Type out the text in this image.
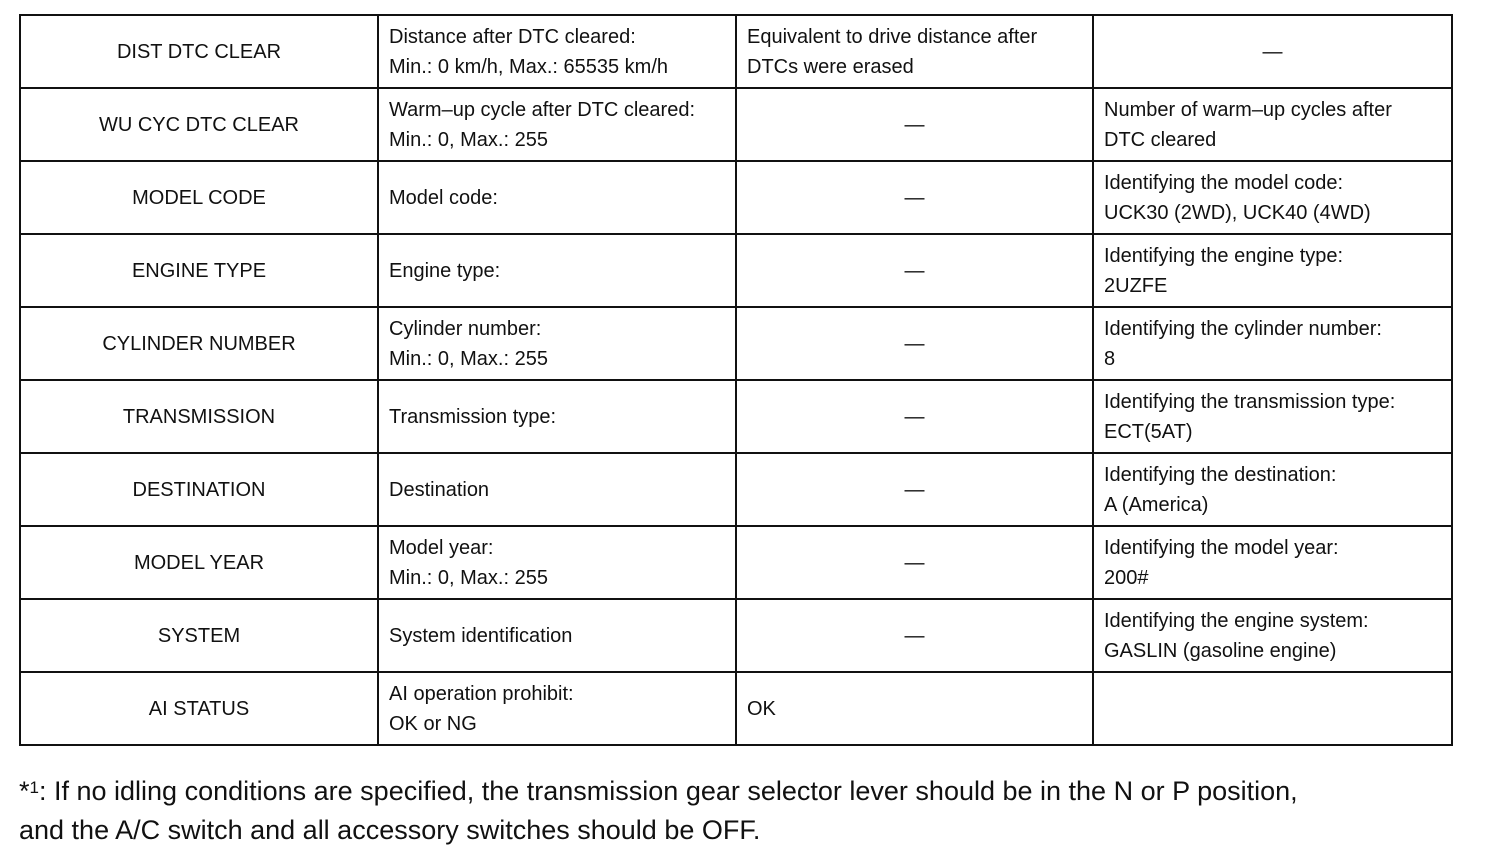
DIST DTC CLEAR	Distance after DTC cleared:
Min.: 0 km/h, Max.: 65535 km/h	Equivalent to drive distance after
DTCs were erased	—

WU CYC DTC CLEAR	Warm–up cycle after DTC cleared:
Min.: 0, Max.: 255	—	Number of warm–up cycles after
DTC cleared

MODEL CODE	Model code:	—	Identifying the model code:
UCK30 (2WD), UCK40 (4WD)

ENGINE TYPE	Engine type:	—	Identifying the engine type:
2UZFE

CYLINDER NUMBER	Cylinder number:
Min.: 0, Max.: 255	—	Identifying the cylinder number:
8

TRANSMISSION	Transmission type:	—	Identifying the transmission type:
ECT(5AT)

DESTINATION	Destination	—	Identifying the destination:
A (America)

MODEL YEAR	Model year:
Min.: 0, Max.: 255	—	Identifying the model year:
200#

SYSTEM	System identification	—	Identifying the engine system:
GASLIN (gasoline engine)

AI STATUS	AI operation prohibit:
OK or NG	OK	

*$^1$: If no idling conditions are specified, the transmission gear selector lever should be in the N or P position,
and the A/C switch and all accessory switches should be OFF.
